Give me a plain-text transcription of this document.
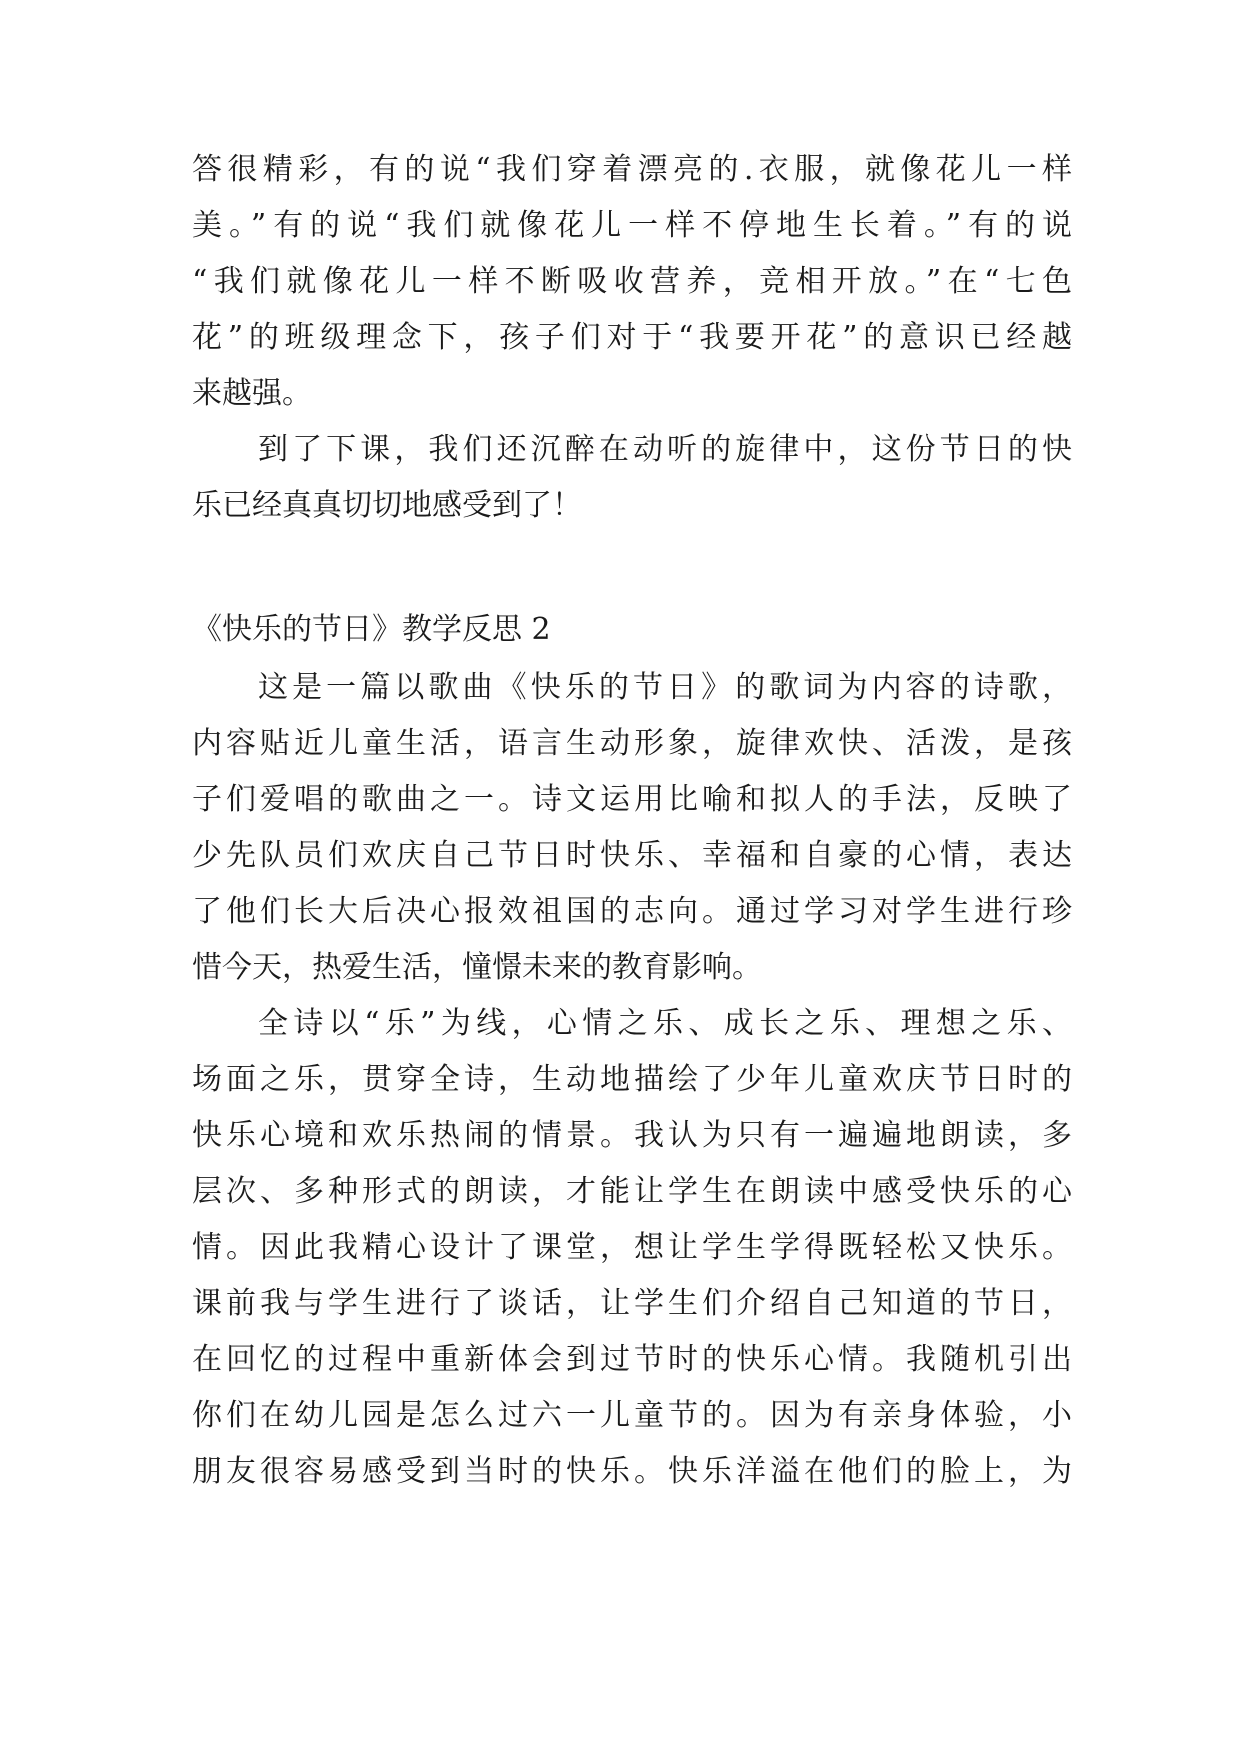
答很精彩，有的说“我们穿着漂亮的.衣服，就像花儿一样
美。”有的说“我们就像花儿一样不停地生长着。”有的说
“我们就像花儿一样不断吸收营养，竞相开放。”在“七色
花”的班级理念下，孩子们对于“我要开花”的意识已经越
来越强。
到了下课，我们还沉醉在动听的旋律中，这份节日的快
乐已经真真切切地感受到了！
《快乐的节日》教学反思 2
这是一篇以歌曲《快乐的节日》的歌词为内容的诗歌，
内容贴近儿童生活，语言生动形象，旋律欢快、活泼，是孩
子们爱唱的歌曲之一。诗文运用比喻和拟人的手法，反映了
少先队员们欢庆自己节日时快乐、幸福和自豪的心情，表达
了他们长大后决心报效祖国的志向。通过学习对学生进行珍
惜今天，热爱生活，憧憬未来的教育影响。
全诗以“乐”为线，心情之乐、成长之乐、理想之乐、
场面之乐，贯穿全诗，生动地描绘了少年儿童欢庆节日时的
快乐心境和欢乐热闹的情景。我认为只有一遍遍地朗读，多
层次、多种形式的朗读，才能让学生在朗读中感受快乐的心
情。因此我精心设计了课堂，想让学生学得既轻松又快乐。
课前我与学生进行了谈话，让学生们介绍自己知道的节日，
在回忆的过程中重新体会到过节时的快乐心情。我随机引出
你们在幼儿园是怎么过六一儿童节的。因为有亲身体验，小
朋友很容易感受到当时的快乐。快乐洋溢在他们的脸上，为
